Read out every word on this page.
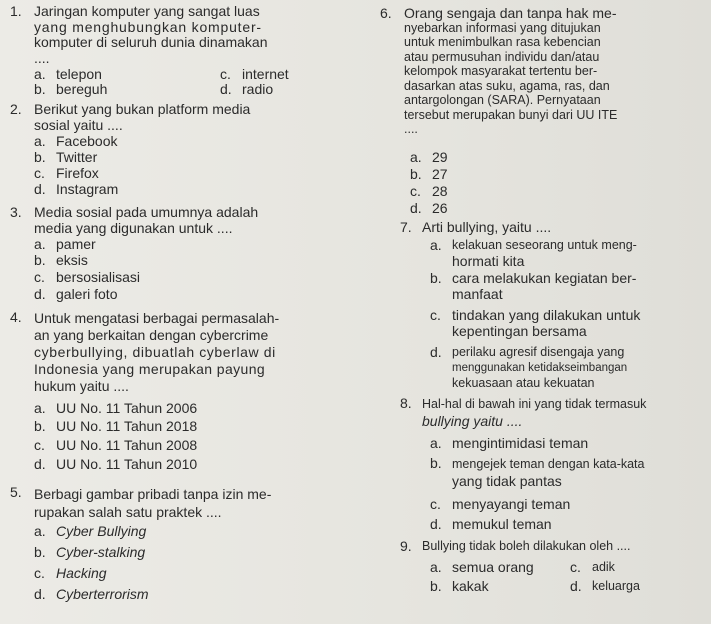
1. Jaringan komputer yang sangat luas
yang menghubungkan komputer-
komputer di seluruh dunia dinamakan
....
a. telepon	c. internet
b. bereguh	d. radio
2. Berikut yang bukan platform media
sosial yaitu ....
a. Facebook
b. Twitter
c. Firefox
d. Instagram
3. Media sosial pada umumnya adalah
media yang digunakan untuk ....
a. pamer
b. eksis
c. bersosialisasi
d. galeri foto
4. Untuk mengatasi berbagai permasalah-
an yang berkaitan dengan cybercrime
cyberbullying, dibuatlah cyberlaw di
Indonesia yang merupakan payung
hukum yaitu ....
a. UU No. 11 Tahun 2006
b. UU No. 11 Tahun 2018
c. UU No. 11 Tahun 2008
d. UU No. 11 Tahun 2010
5. Berbagi gambar pribadi tanpa izin me-
rupakan salah satu praktek ....
a. Cyber Bullying
b. Cyber-stalking
c. Hacking
d. Cyberterrorism
6. Orang sengaja dan tanpa hak me-
nyebarkan informasi yang ditujukan
untuk menimbulkan rasa kebencian
atau permusuhan individu dan/atau
kelompok masyarakat tertentu ber-
dasarkan atas suku, agama, ras, dan
antargolongan (SARA). Pernyataan
tersebut merupakan bunyi dari UU ITE
....
a. 29
b. 27
c. 28
d. 26
7. Arti bullying, yaitu ....
a. kelakuan seseorang untuk meng-
hormati kita
b. cara melakukan kegiatan ber-
manfaat
c. tindakan yang dilakukan untuk
kepentingan bersama
d. perilaku agresif disengaja yang
menggunakan ketidakseimbangan
kekuasaan atau kekuatan
8. Hal-hal di bawah ini yang tidak termasuk
bullying yaitu ....
a. mengintimidasi teman
b. mengejek teman dengan kata-kata
yang tidak pantas
c. menyayangi teman
d. memukul teman
9. Bullying tidak boleh dilakukan oleh ....
a. semua orang	c. adik
b. kakak	d. keluarga
